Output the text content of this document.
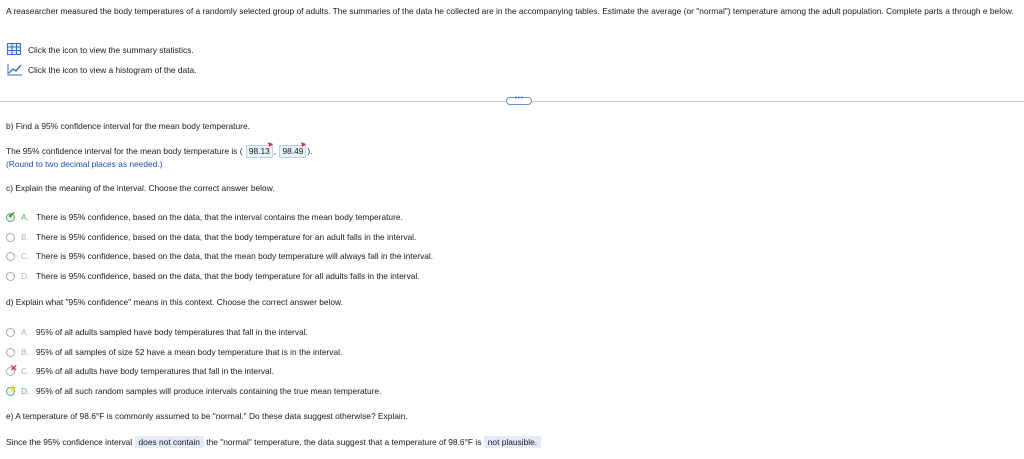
A reasearcher measured the body temperatures of a randomly selected group of adults. The summaries of the data he collected are in the accompanying tables. Estimate the average (or "normal") temperature among the adult population. Complete parts a through e below.
Click the icon to view the summary statistics.
Click the icon to view a histogram of the data.
•••
b) Find a 95% confidence interval for the mean body temperature.
The 95% confidence interval for the mean body temperature is ( 98.13 , 98.49 ).
(Round to two decimal places as needed.)
c) Explain the meaning of the interval. Choose the correct answer below.
✔ A. There is 95% confidence, based on the data, that the interval contains the mean body temperature.
B. There is 95% confidence, based on the data, that the body temperature for an adult falls in the interval.
C. There is 95% confidence, based on the data, that the mean body temperature will always fall in the interval.
D. There is 95% confidence, based on the data, that the body temperature for all adults falls in the interval.
d) Explain what "95% confidence" means in this context. Choose the correct answer below.
A. 95% of all adults sampled have body temperatures that fall in the interval.
B. 95% of all samples of size 52 have a mean body temperature that is in the interval.
✕ C. 95% of all adults have body temperatures that fall in the interval.
★ D. 95% of all such random samples will produce intervals containing the true mean temperature.
e) A temperature of 98.6°F is commonly assumed to be "normal." Do these data suggest otherwise? Explain.
Since the 95% confidence interval does not contain the "normal" temperature, the data suggest that a temperature of 98.6°F is not plausible.
